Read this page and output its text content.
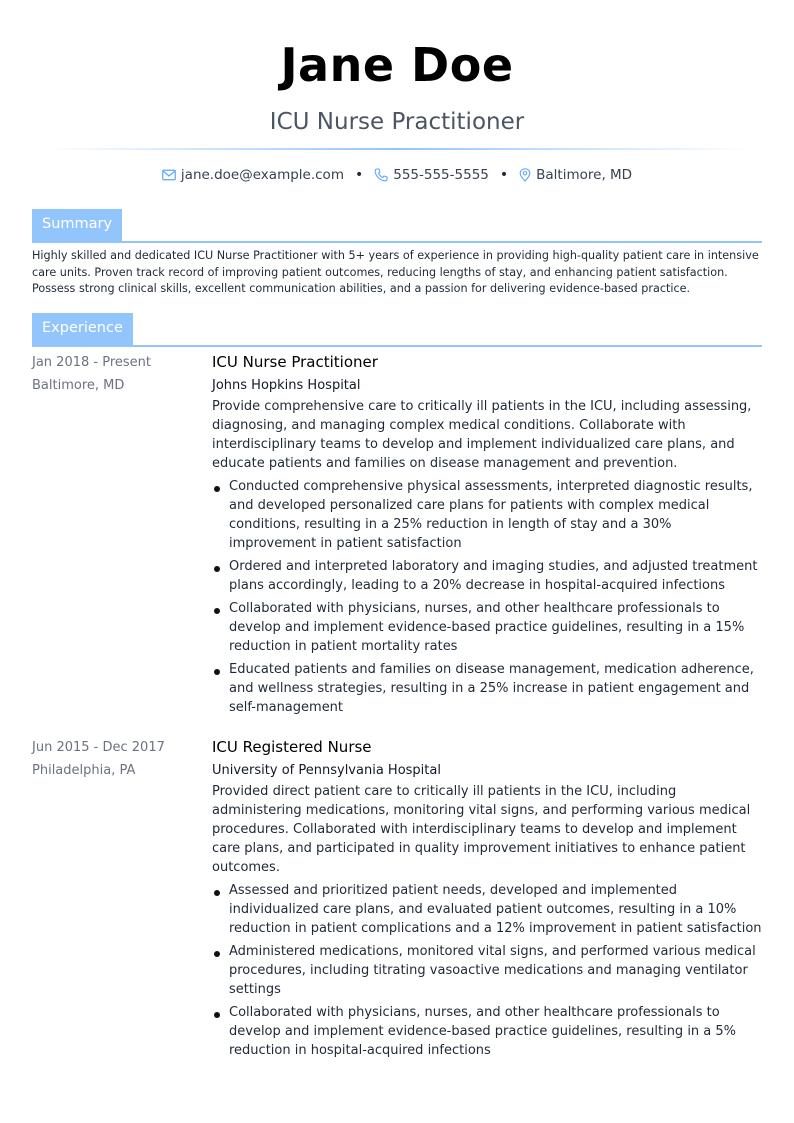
Jane Doe
ICU Nurse Practitioner
jane.doe@example.com • 555-555-5555 • Baltimore, MD
Summary
Highly skilled and dedicated ICU Nurse Practitioner with 5+ years of experience in providing high-quality patient care in intensive care units. Proven track record of improving patient outcomes, reducing lengths of stay, and enhancing patient satisfaction. Possess strong clinical skills, excellent communication abilities, and a passion for delivering evidence-based practice.
Experience
Jan 2018 - Present
Baltimore, MD
ICU Nurse Practitioner
Johns Hopkins Hospital

Provide comprehensive care to critically ill patients in the ICU, including assessing, diagnosing, and managing complex medical conditions. Collaborate with interdisciplinary teams to develop and implement individualized care plans, and educate patients and families on disease management and prevention.

Conducted comprehensive physical assessments, interpreted diagnostic results, and developed personalized care plans for patients with complex medical conditions, resulting in a 25% reduction in length of stay and a 30% improvement in patient satisfaction
Ordered and interpreted laboratory and imaging studies, and adjusted treatment plans accordingly, leading to a 20% decrease in hospital-acquired infections
Collaborated with physicians, nurses, and other healthcare professionals to develop and implement evidence-based practice guidelines, resulting in a 15% reduction in patient mortality rates
Educated patients and families on disease management, medication adherence, and wellness strategies, resulting in a 25% increase in patient engagement and self-management
Jun 2015 - Dec 2017
Philadelphia, PA
ICU Registered Nurse
University of Pennsylvania Hospital

Provided direct patient care to critically ill patients in the ICU, including administering medications, monitoring vital signs, and performing various medical procedures. Collaborated with interdisciplinary teams to develop and implement care plans, and participated in quality improvement initiatives to enhance patient outcomes.

Assessed and prioritized patient needs, developed and implemented individualized care plans, and evaluated patient outcomes, resulting in a 10% reduction in patient complications and a 12% improvement in patient satisfaction
Administered medications, monitored vital signs, and performed various medical procedures, including titrating vasoactive medications and managing ventilator settings
Collaborated with physicians, nurses, and other healthcare professionals to develop and implement evidence-based practice guidelines, resulting in a 5% reduction in hospital-acquired infections
